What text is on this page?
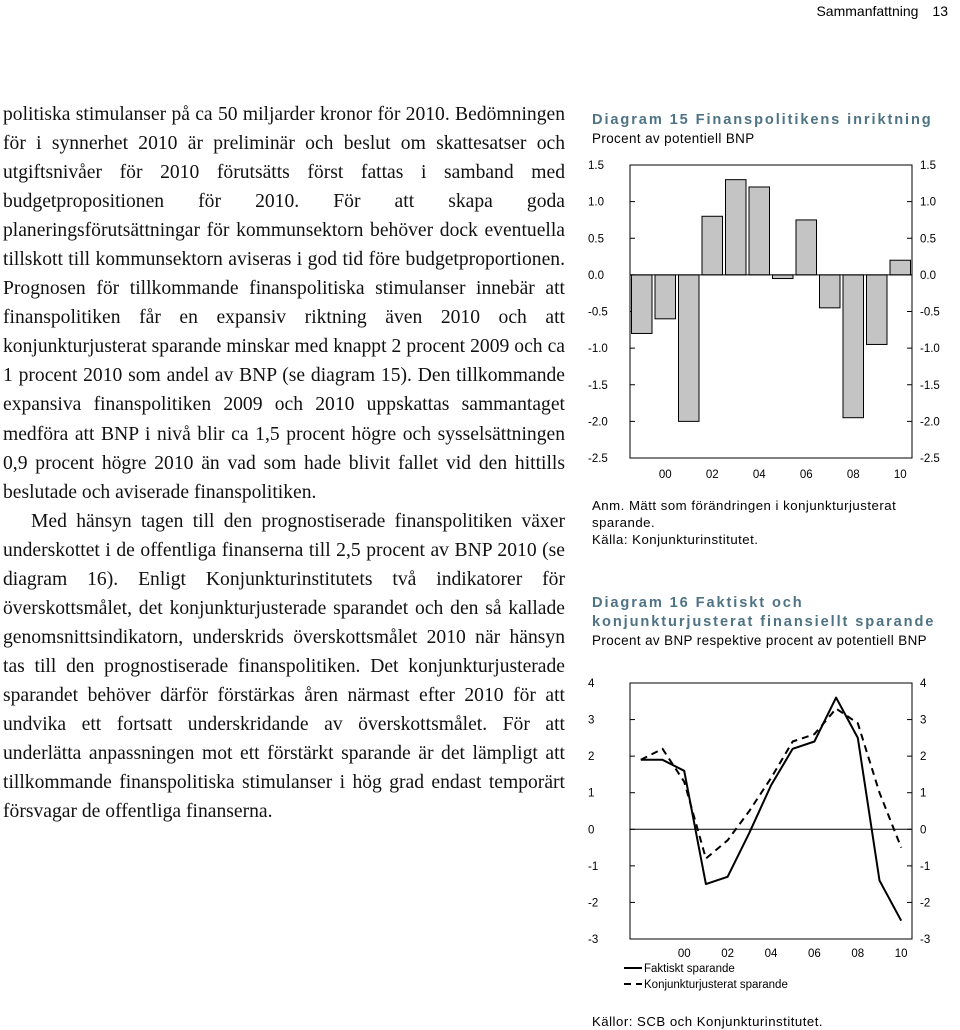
Sammanfattning 13

politiska stimulanser på ca 50 miljarder kronor för 2010. Bedömningen för i synnerhet 2010 är preliminär och beslut om skattesatser och utgiftsnivåer för 2010 förutsätts först fattas i samband med budgetpropositionen för 2010. För att skapa goda planeringsförutsättningar för kommunsektorn behöver dock eventuella tillskott till kommunsektorn aviseras i god tid före budgetproportionen. Prognosen för tillkommande finanspolitiska stimulanser innebär att finanspolitiken får en expansiv riktning även 2010 och att konjunkturjusterat sparande minskar med knappt 2 procent 2009 och ca 1 procent 2010 som andel av BNP (se diagram 15). Den tillkommande expansiva finanspolitiken 2009 och 2010 uppskattas sammantaget medföra att BNP i nivå blir ca 1,5 procent högre och sysselsättningen 0,9 procent högre 2010 än vad som hade blivit fallet vid den hittills beslutade och aviserade finanspolitiken.

Med hänsyn tagen till den prognostiserade finanspolitiken växer underskottet i de offentliga finanserna till 2,5 procent av BNP 2010 (se diagram 16). Enligt Konjunkturinstitutets två indikatorer för överskottsmålet, det konjunkturjusterade sparandet och den så kallade genomsnittsindikatorn, underskrids överskottsmålet 2010 när hänsyn tas till den prognostiserade finanspolitiken. Det konjunkturjusterade sparandet behöver därför förstärkas åren närmast efter 2010 för att undvika ett fortsatt underskridande av överskottsmålet. För att underlätta anpassningen mot ett förstärkt sparande är det lämpligt att tillkommande finanspolitiska stimulanser i hög grad endast temporärt försvagar de offentliga finanserna.

Diagram 15 Finanspolitikens inriktning
Procent av potentiell BNP
1.5	1.5
1.0	1.0
0.5	0.5
0.0	0.0
-0.5	-0.5
-1.0	-1.0
-1.5	-1.5
-2.0	-2.0
-2.5	-2.5
00	02	04	06	08	10
Anm. Mätt som förändringen i konjunkturjusterat sparande.
Källa: Konjunkturinstitutet.
Diagram 16 Faktiskt och konjunkturjusterat finansiellt sparande
Procent av BNP respektive procent av potentiell BNP
4	4
3	3
2	2
1	1
0	0
-1	-1
-2	-2
-3	-3
00	02	04	06	08	10
Faktiskt sparande
Konjunkturjusterat sparande
Källor: SCB och Konjunkturinstitutet.
